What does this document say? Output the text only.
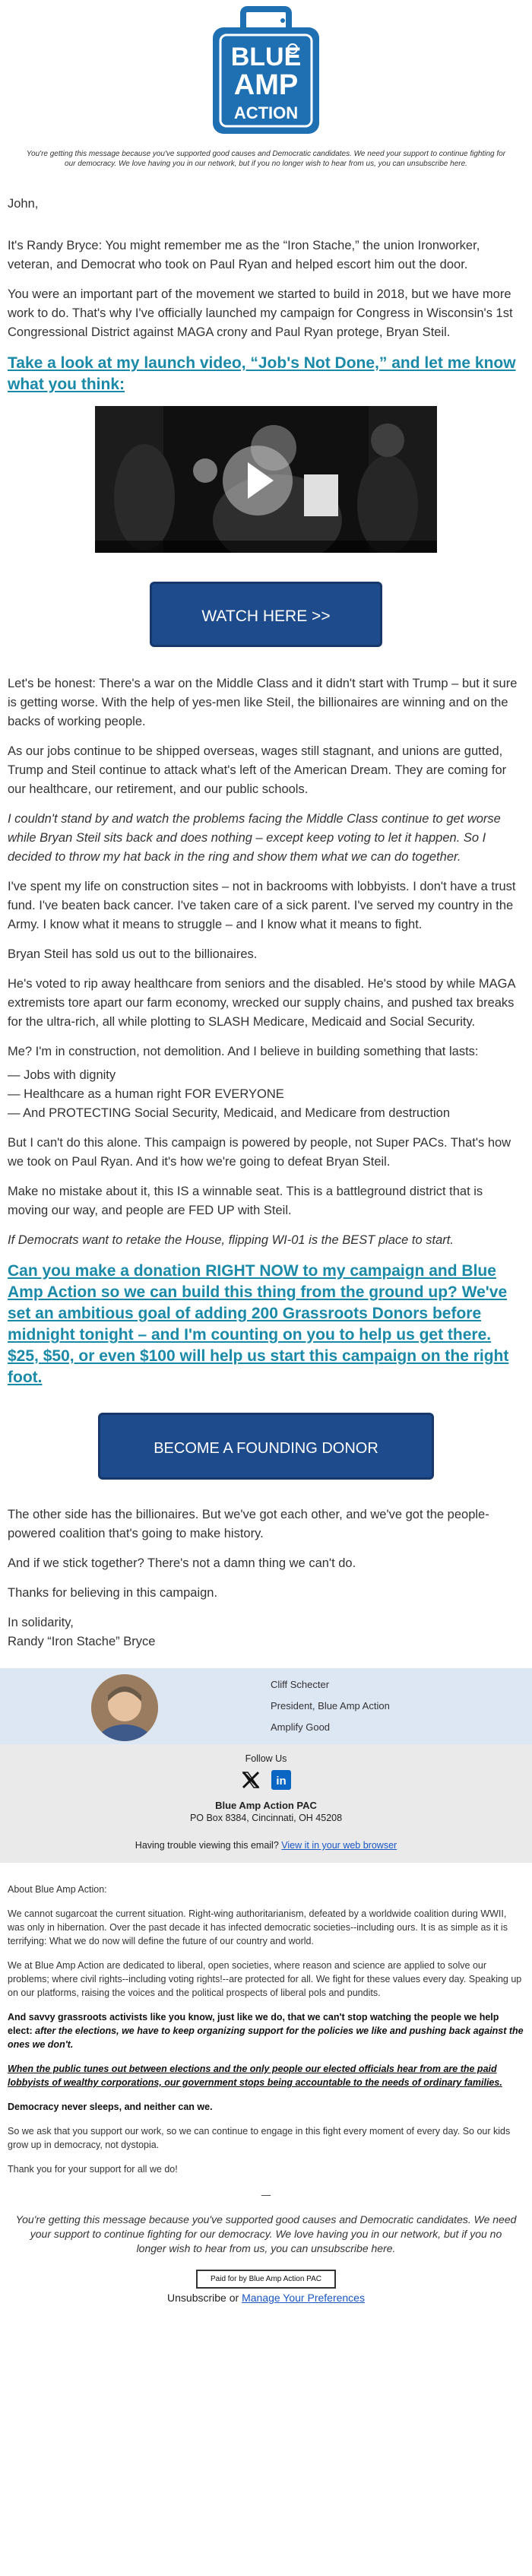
BLUE
AMP
ACTION
You're getting this message because you've supported good causes and Democratic candidates. We need your support to continue fighting for our democracy. We love having you in our network, but if you no longer wish to hear from us, you can unsubscribe here.

John,

It's Randy Bryce: You might remember me as the “Iron Stache,” the union Ironworker, veteran, and Democrat who took on Paul Ryan and helped escort him out the door.

You were an important part of the movement we started to build in 2018, but we have more work to do. That's why I've officially launched my campaign for Congress in Wisconsin's 1st Congressional District against MAGA crony and Paul Ryan protege, Bryan Steil.

Take a look at my launch video, “Job's Not Done,” and let me know what you think:
WATCH HERE >>

Let's be honest: There's a war on the Middle Class and it didn't start with Trump – but it sure is getting worse. With the help of yes-men like Steil, the billionaires are winning and on the backs of working people.

As our jobs continue to be shipped overseas, wages still stagnant, and unions are gutted, Trump and Steil continue to attack what's left of the American Dream. They are coming for our healthcare, our retirement, and our public schools.

I couldn't stand by and watch the problems facing the Middle Class continue to get worse while Bryan Steil sits back and does nothing – except keep voting to let it happen. So I decided to throw my hat back in the ring and show them what we can do together.

I've spent my life on construction sites – not in backrooms with lobbyists. I don't have a trust fund. I've beaten back cancer. I've taken care of a sick parent. I've served my country in the Army. I know what it means to struggle – and I know what it means to fight.

Bryan Steil has sold us out to the billionaires.

He's voted to rip away healthcare from seniors and the disabled. He's stood by while MAGA extremists tore apart our farm economy, wrecked our supply chains, and pushed tax breaks for the ultra-rich, all while plotting to SLASH Medicare, Medicaid and Social Security.

Me? I'm in construction, not demolition. And I believe in building something that lasts:

— Jobs with dignity
— Healthcare as a human right FOR EVERYONE
— And PROTECTING Social Security, Medicaid, and Medicare from destruction

But I can't do this alone. This campaign is powered by people, not Super PACs. That's how we took on Paul Ryan. And it's how we're going to defeat Bryan Steil.

Make no mistake about it, this IS a winnable seat. This is a battleground district that is moving our way, and people are FED UP with Steil.

If Democrats want to retake the House, flipping WI-01 is the BEST place to start.

Can you make a donation RIGHT NOW to my campaign and Blue Amp Action so we can build this thing from the ground up? We've set an ambitious goal of adding 200 Grassroots Donors before midnight tonight – and I'm counting on you to help us get there. $25, $50, or even $100 will help us start this campaign on the right foot.
BECOME A FOUNDING DONOR

The other side has the billionaires. But we've got each other, and we've got the people-powered coalition that's going to make history.

And if we stick together? There's not a damn thing we can't do.

Thanks for believing in this campaign.

In solidarity,
Randy “Iron Stache” Bryce
Cliff Schecter
President, Blue Amp Action
Amplify Good
Follow Us

in
Blue Amp Action PAC
PO Box 8384, Cincinnati, OH 45208
Having trouble viewing this email? View it in your web browser

About Blue Amp Action:

We cannot sugarcoat the current situation. Right-wing authoritarianism, defeated by a worldwide coalition during WWII, was only in hibernation. Over the past decade it has infected democratic societies--including ours. It is as simple as it is terrifying: What we do now will define the future of our country and world.

We at Blue Amp Action are dedicated to liberal, open societies, where reason and science are applied to solve our problems; where civil rights--including voting rights!--are protected for all. We fight for these values every day. Speaking up on our platforms, raising the voices and the political prospects of liberal pols and pundits.

And savvy grassroots activists like you know, just like we do, that we can't stop watching the people we help elect: after the elections, we have to keep organizing support for the policies we like and pushing back against the ones we don't.

When the public tunes out between elections and the only people our elected officials hear from are the paid lobbyists of wealthy corporations, our government stops being accountable to the needs of ordinary families.

Democracy never sleeps, and neither can we.

So we ask that you support our work, so we can continue to engage in this fight every moment of every day. So our kids grow up in democracy, not dystopia.

Thank you for your support for all we do!

—
You're getting this message because you've supported good causes and Democratic candidates. We need your support to continue fighting for our democracy. We love having you in our network, but if you no longer wish to hear from us, you can unsubscribe here.
Paid for by Blue Amp Action PAC
Unsubscribe or Manage Your Preferences
